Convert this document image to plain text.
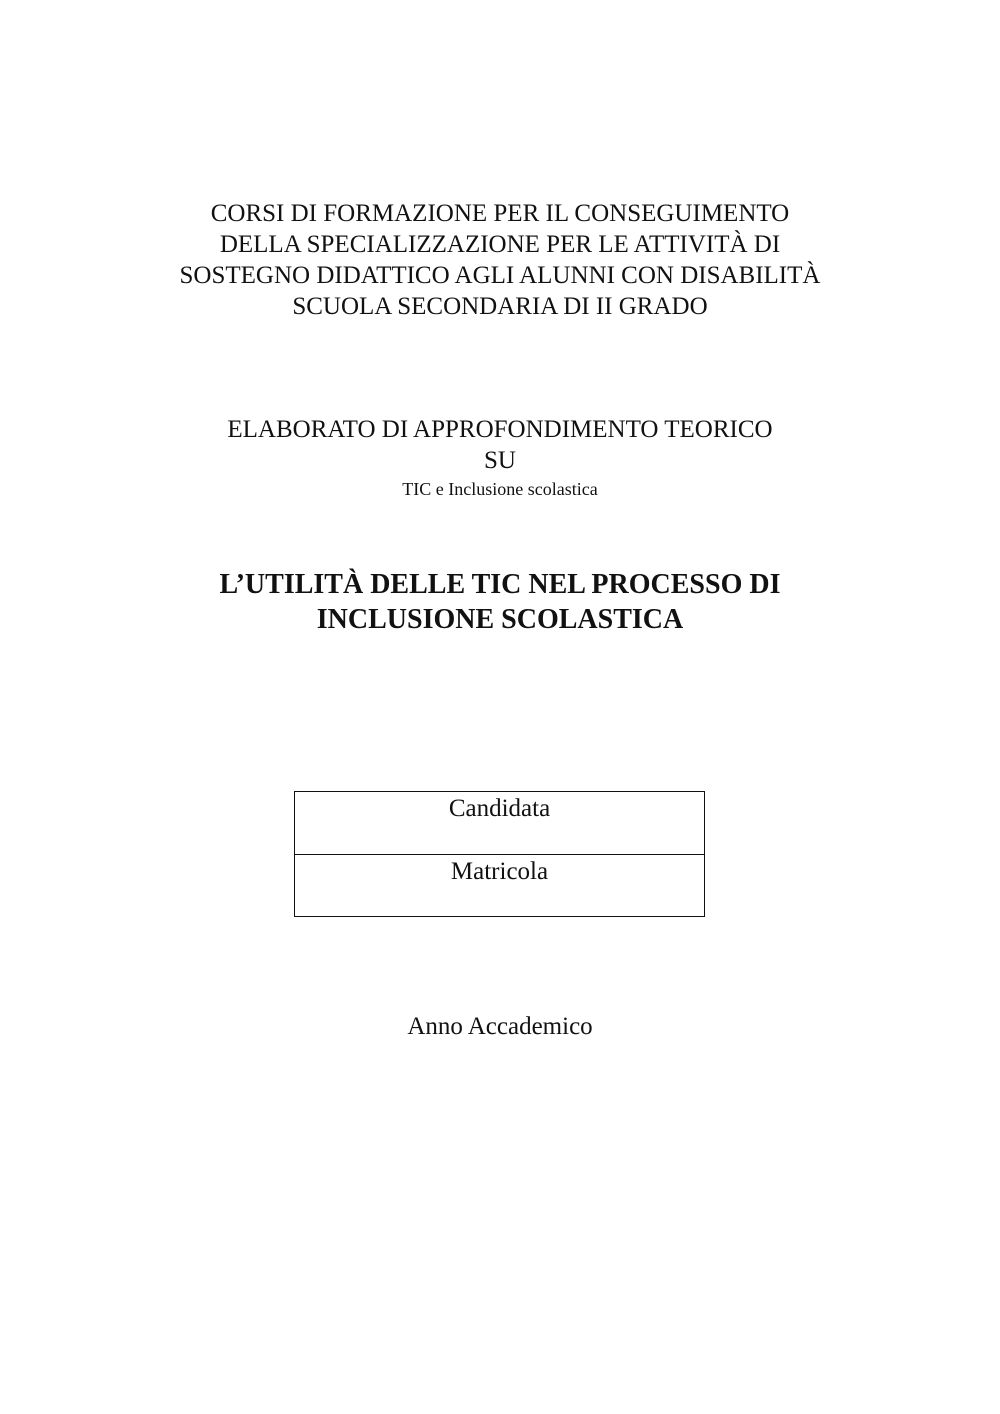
CORSI DI FORMAZIONE PER IL CONSEGUIMENTO
DELLA SPECIALIZZAZIONE PER LE ATTIVITÀ DI
SOSTEGNO DIDATTICO AGLI ALUNNI CON DISABILITÀ
SCUOLA SECONDARIA DI II GRADO
ELABORATO DI APPROFONDIMENTO TEORICO
SU
TIC e Inclusione scolastica
L’UTILITÀ DELLE TIC NEL PROCESSO DI
INCLUSIONE SCOLASTICA
Candidata
Matricola
Anno Accademico
